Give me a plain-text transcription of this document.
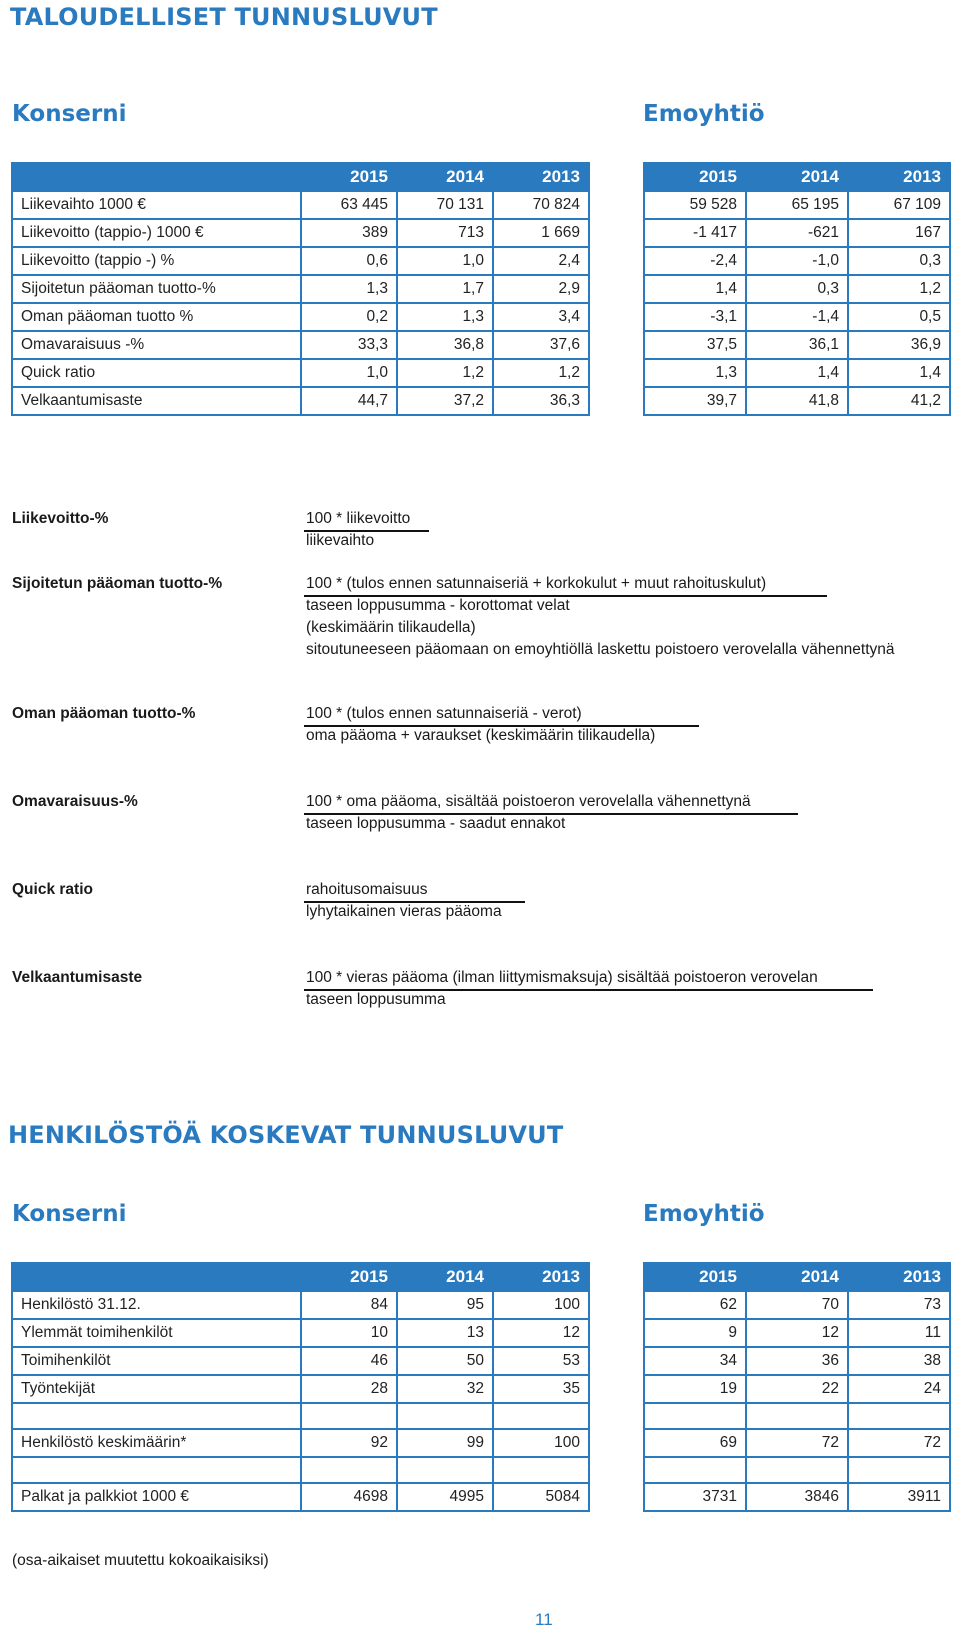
TALOUDELLISET TUNNUSLUVUT
Konserni	Emoyhtiö
	2015	2014	2013
Liikevaihto 1000 €	63 445	70 131	70 824
Liikevoitto (tappio-) 1000 €	389	713	1 669
Liikevoitto (tappio -) %	0,6	1,0	2,4
Sijoitetun pääoman tuotto-%	1,3	1,7	2,9
Oman pääoman tuotto %	0,2	1,3	3,4
Omavaraisuus -%	33,3	36,8	37,6
Quick ratio	1,0	1,2	1,2
Velkaantumisaste	44,7	37,2	36,3
2015	2014	2013
59 528	65 195	67 109
-1 417	-621	167
-2,4	-1,0	0,3
1,4	0,3	1,2
-3,1	-1,4	0,5
37,5	36,1	36,9
1,3	1,4	1,4
39,7	41,8	41,2
Liikevoitto-%	100 * liikevoitto
liikevaihto
Sijoitetun pääoman tuotto-%	100 * (tulos ennen satunnaiseriä + korkokulut + muut rahoituskulut)
taseen loppusumma - korottomat velat
(keskimäärin tilikaudella)
sitoutuneeseen pääomaan on emoyhtiöllä laskettu poistoero verovelalla vähennettynä
Oman pääoman tuotto-%	100 * (tulos ennen satunnaiseriä - verot)
oma pääoma + varaukset (keskimäärin tilikaudella)
Omavaraisuus-%	100 * oma pääoma, sisältää poistoeron verovelalla vähennettynä
taseen loppusumma - saadut ennakot
Quick ratio	rahoitusomaisuus
lyhytaikainen vieras pääoma
Velkaantumisaste	100 * vieras pääoma (ilman liittymismaksuja) sisältää poistoeron verovelan
taseen loppusumma
HENKILÖSTÖÄ KOSKEVAT TUNNUSLUVUT
Konserni	Emoyhtiö
	2015	2014	2013
Henkilöstö 31.12.	84	95	100
Ylemmät toimihenkilöt	10	13	12
Toimihenkilöt	46	50	53
Työntekijät	28	32	35

Henkilöstö keskimäärin*	92	99	100

Palkat ja palkkiot 1000 €	4698	4995	5084
2015	2014	2013
62	70	73
9	12	11
34	36	38
19	22	24

69	72	72

3731	3846	3911
(osa-aikaiset muutettu kokoaikaisiksi)
11
